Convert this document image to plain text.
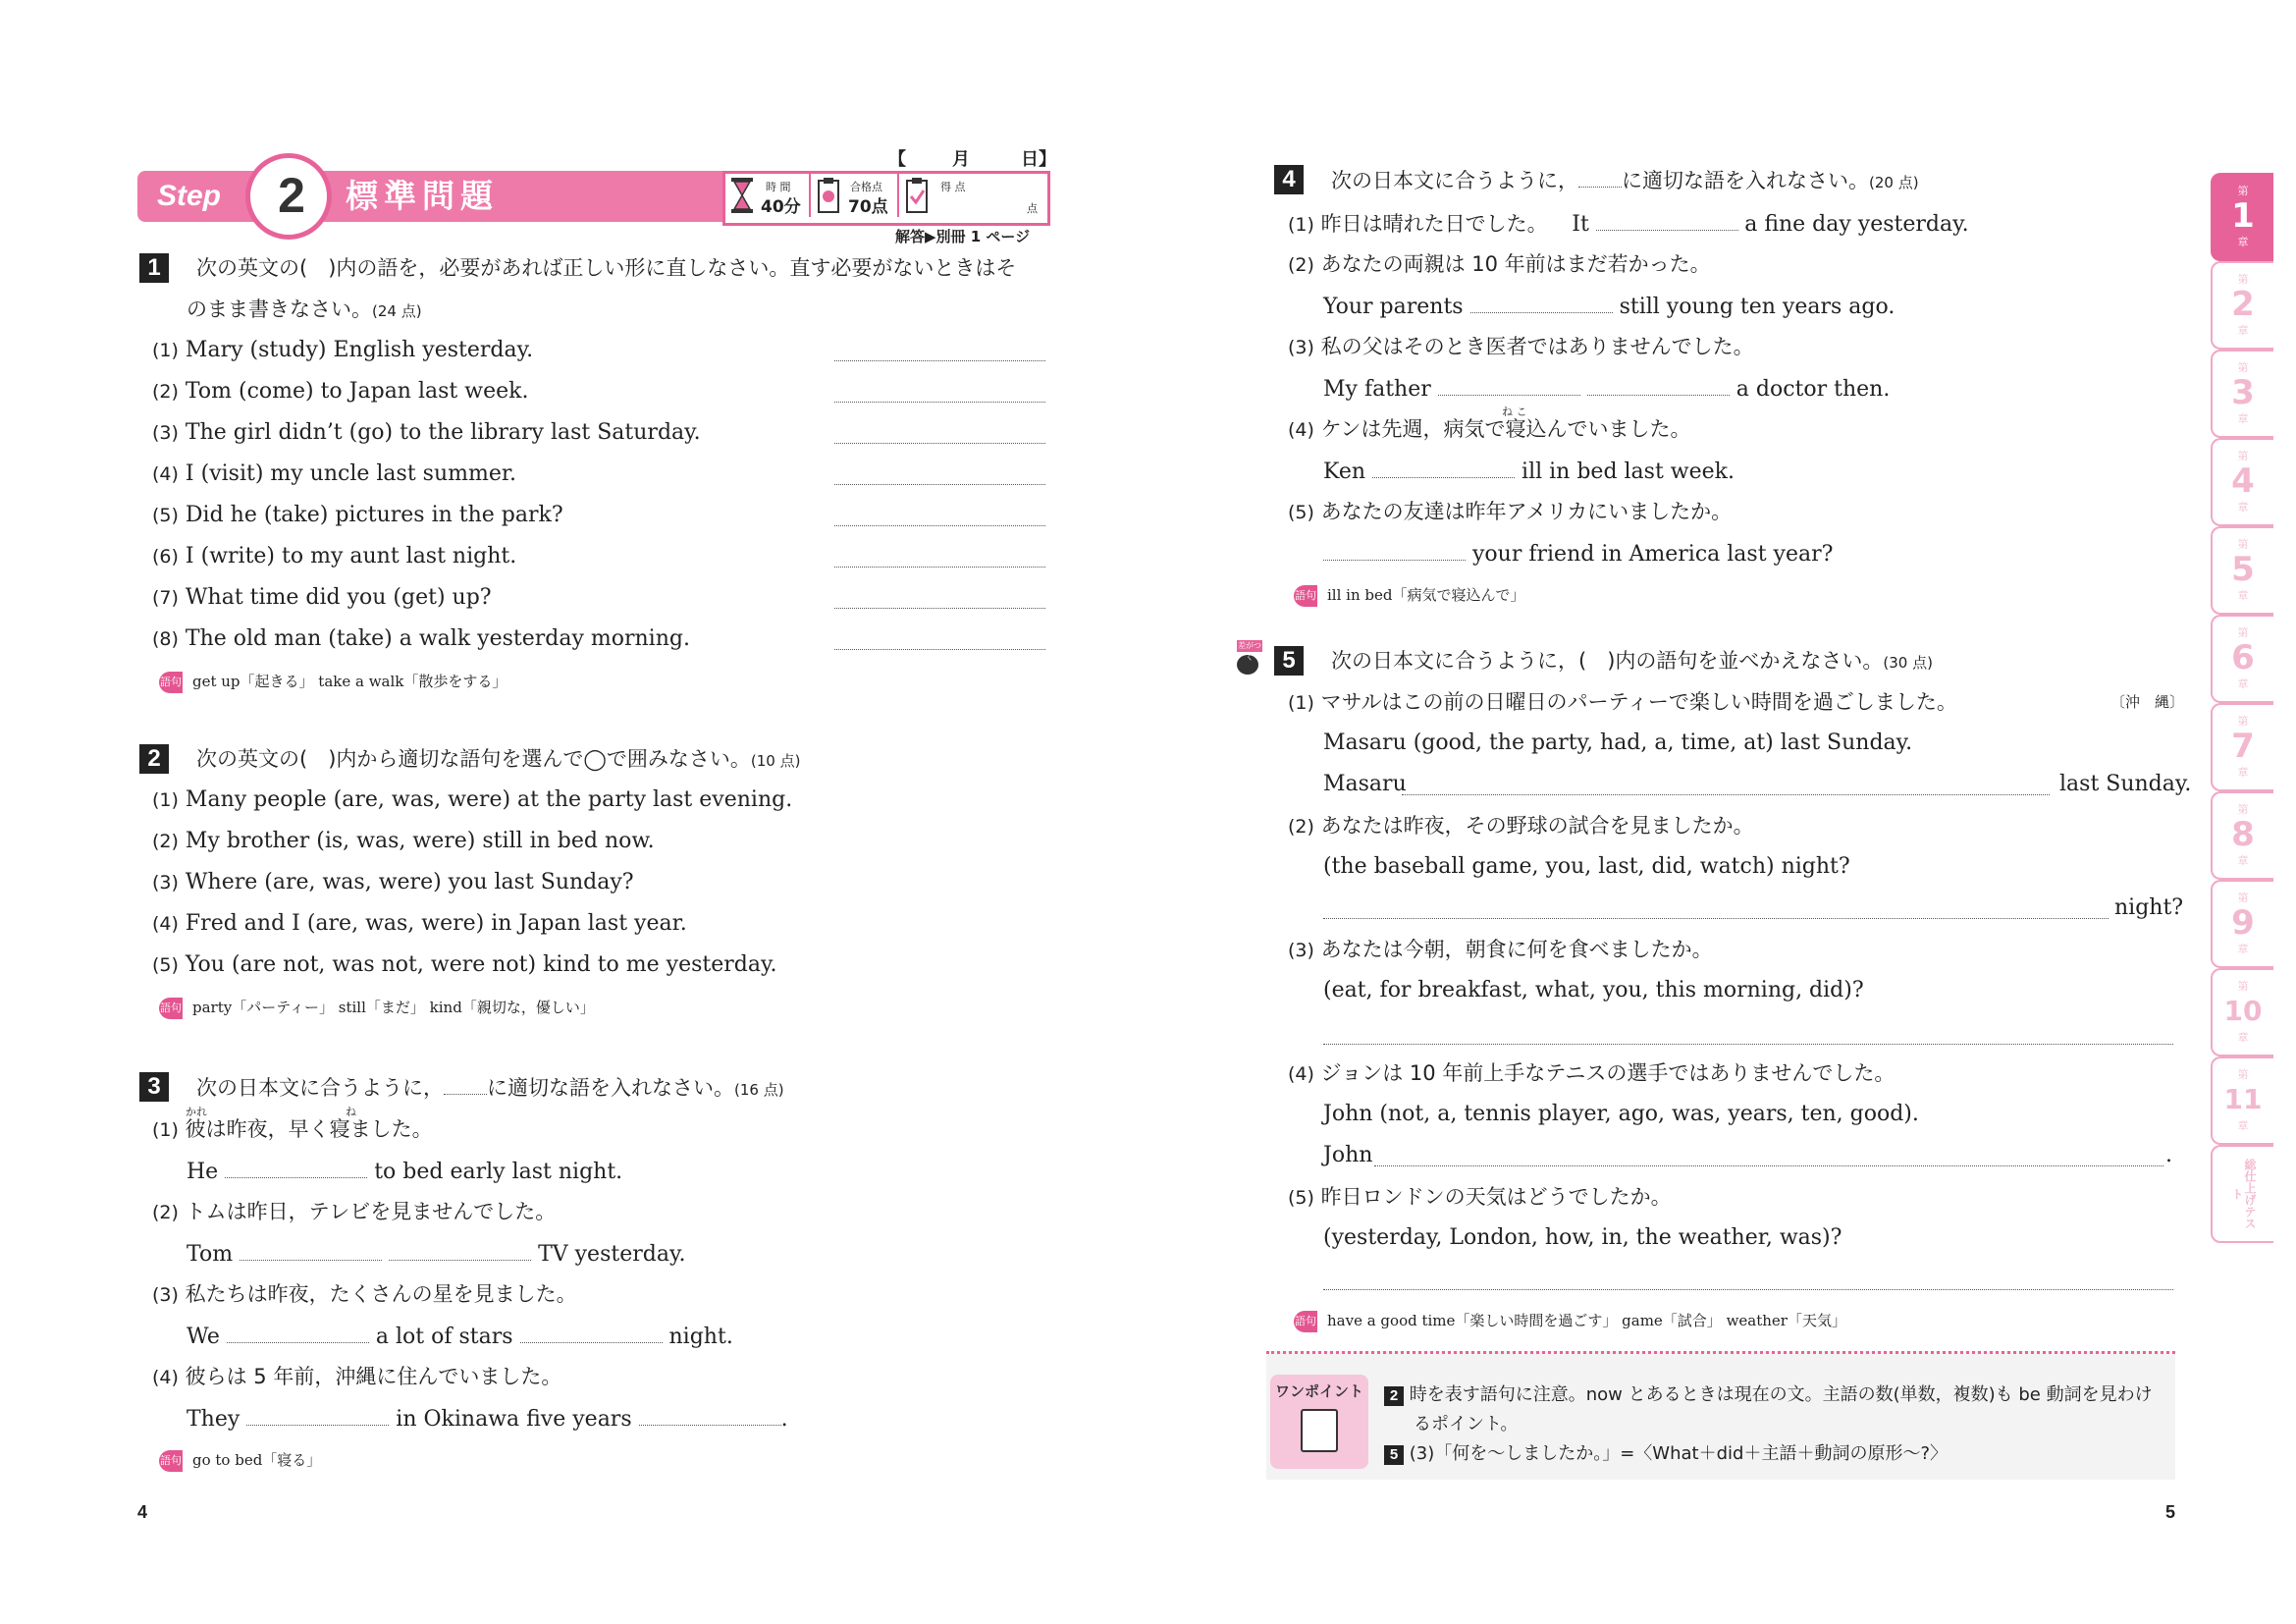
Step	2	標準問題	時 間
40分
合格点
70点
得 点
点
【	月	日】
解答▶別冊 1 ページ
1	次の英文の(　)内の語を，必要があれば正しい形に直しなさい。直す必要がないときはそ
のまま書きなさい。(24 点)
(1) Mary (study) English yesterday.
(2) Tom (come) to Japan last week.
(3) The girl didn’t (go) to the library last Saturday.
(4) I (visit) my uncle last summer.
(5) Did he (take) pictures in the park?
(6) I (write) to my aunt last night.
(7) What time did you (get) up?
(8) The old man (take) a walk yesterday morning.
語句 get up「起きる」 take a walk「散歩をする」
2	次の英文の(　)内から適切な語句を選んで◯で囲みなさい。(10 点)
(1) Many people (are, was, were) at the party last evening.
(2) My brother (is, was, were) still in bed now.
(3) Where (are, was, were) you last Sunday?
(4) Fred and I (are, was, were) in Japan last year.
(5) You (are not, was not, were not) kind to me yesterday.
語句 party「パーティー」 still「まだ」 kind「親切な，優しい」
3	次の日本文に合うように， に適切な語を入れなさい。(16 点)
かれ	ね
(1) 彼は昨夜，早く寝ました。
He	to bed early last night.
(2) トムは昨日，テレビを見ませんでした。
Tom	TV yesterday.
(3) 私たちは昨夜，たくさんの星を見ました。
We	a lot of stars	night.
(4) 彼らは 5 年前，沖縄に住んでいました。
They	in Okinawa five years	.
語句 go to bed「寝る」
4
4	次の日本文に合うように， に適切な語を入れなさい。(20 点)
(1) 昨日は晴れた日でした。 It	a fine day yesterday.
(2) あなたの両親は 10 年前はまだ若かった。
Your parents	still young ten years ago.
(3) 私の父はそのとき医者ではありませんでした。
My father	a doctor then.
ね こ
(4) ケンは先週，病気で寝込んでいました。
Ken	ill in bed last week.
(5) あなたの友達は昨年アメリカにいましたか。
your friend in America last year?
語句 ill in bed「病気で寝込んで」
差がつく	5	次の日本文に合うように，(　)内の語句を並べかえなさい。(30 点)
(1) マサルはこの前の日曜日のパーティーで楽しい時間を過ごしました。	〔沖　縄〕
Masaru (good, the party, had, a, time, at) last Sunday.
Masaru	last Sunday.
(2) あなたは昨夜，その野球の試合を見ましたか。
(the baseball game, you, last, did, watch) night?
night?
(3) あなたは今朝，朝食に何を食べましたか。
(eat, for breakfast, what, you, this morning, did)?
(4) ジョンは 10 年前上手なテニスの選手ではありませんでした。
John (not, a, tennis player, ago, was, years, ten, good).
John	.
(5) 昨日ロンドンの天気はどうでしたか。
(yesterday, London, how, in, the weather, was)?
語句 have a good time「楽しい時間を過ごす」 game「試合」 weather「天気」
ワンポイント	2 時を表す語句に注意。now とあるときは現在の文。主語の数(単数，複数)も be 動詞を見わけ
るポイント。
5 (3)「何を～しましたか。」=〈What＋did＋主語＋動詞の原形～?〉
5
第
1
章
第
2
章
第
3
章
第
4
章
第
5
章
第
6
章
第
7
章
第
8
章
第
9
章
第
10
章
第
11
章
総仕上げテスト
